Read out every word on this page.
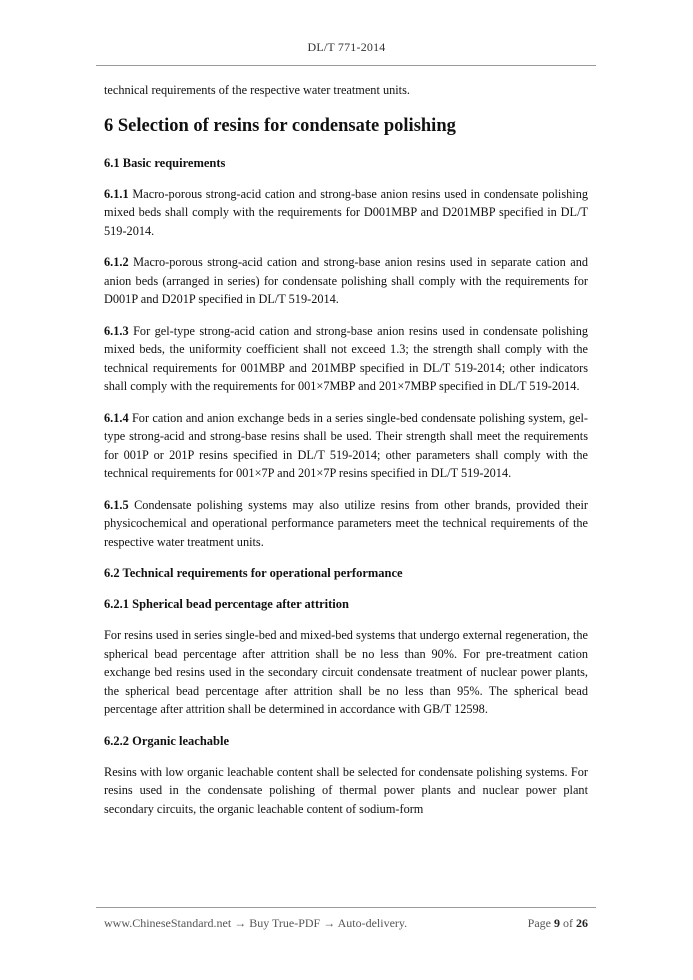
DL/T 771-2014

technical requirements of the respective water treatment units.

6 Selection of resins for condensate polishing
6.1 Basic requirements

6.1.1 Macro-porous strong-acid cation and strong-base anion resins used in condensate polishing mixed beds shall comply with the requirements for D001MBP and D201MBP specified in DL/T 519-2014.

6.1.2 Macro-porous strong-acid cation and strong-base anion resins used in separate cation and anion beds (arranged in series) for condensate polishing shall comply with the requirements for D001P and D201P specified in DL/T 519-2014.

6.1.3 For gel-type strong-acid cation and strong-base anion resins used in condensate polishing mixed beds, the uniformity coefficient shall not exceed 1.3; the strength shall comply with the technical requirements for 001MBP and 201MBP specified in DL/T 519-2014; other indicators shall comply with the requirements for 001×7MBP and 201×7MBP specified in DL/T 519-2014.

6.1.4 For cation and anion exchange beds in a series single-bed condensate polishing system, gel-type strong-acid and strong-base resins shall be used. Their strength shall meet the requirements for 001P or 201P resins specified in DL/T 519-2014; other parameters shall comply with the technical requirements for 001×7P and 201×7P resins specified in DL/T 519-2014.

6.1.5 Condensate polishing systems may also utilize resins from other brands, provided their physicochemical and operational performance parameters meet the technical requirements of the respective water treatment units.

6.2 Technical requirements for operational performance
6.2.1 Spherical bead percentage after attrition

For resins used in series single-bed and mixed-bed systems that undergo external regeneration, the spherical bead percentage after attrition shall be no less than 90%. For pre-treatment cation exchange bed resins used in the secondary circuit condensate treatment of nuclear power plants, the spherical bead percentage after attrition shall be no less than 95%. The spherical bead percentage after attrition shall be determined in accordance with GB/T 12598.

6.2.2 Organic leachable

Resins with low organic leachable content shall be selected for condensate polishing systems. For resins used in the condensate polishing of thermal power plants and nuclear power plant secondary circuits, the organic leachable content of sodium-form

www.ChineseStandard.net → Buy True-PDF → Auto-delivery.	Page 9 of 26
